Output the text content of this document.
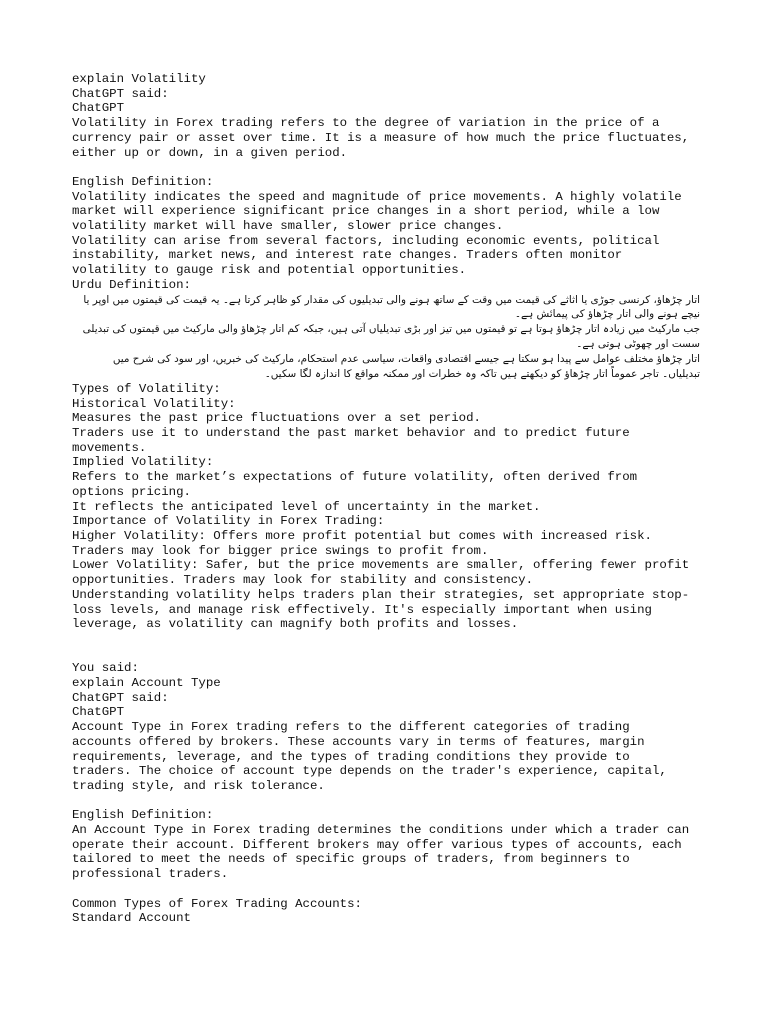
explain Volatility
ChatGPT said:
ChatGPT
Volatility in Forex trading refers to the degree of variation in the price of a
currency pair or asset over time. It is a measure of how much the price fluctuates,
either up or down, in a given period.
English Definition:
Volatility indicates the speed and magnitude of price movements. A highly volatile
market will experience significant price changes in a short period, while a low
volatility market will have smaller, slower price changes.
Volatility can arise from several factors, including economic events, political
instability, market news, and interest rate changes. Traders often monitor
volatility to gauge risk and potential opportunities.
Urdu Definition:
اتار چڑھاؤ، کرنسی جوڑی یا اثاثے کی قیمت میں وقت کے ساتھ ہونے والی تبدیلیوں کی مقدار کو ظاہر کرتا ہے۔ یہ قیمت کی قیمتوں میں اوپر یا نیچے ہونے والی اتار چڑھاؤ کی پیمائش ہے۔
جب مارکیٹ میں زیادہ اتار چڑھاؤ ہوتا ہے تو قیمتوں میں تیز اور بڑی تبدیلیاں آتی ہیں، جبکہ کم اتار چڑھاؤ والی مارکیٹ میں قیمتوں کی تبدیلی سست اور چھوٹی ہوتی ہے۔
اتار چڑھاؤ مختلف عوامل سے پیدا ہو سکتا ہے جیسے اقتصادی واقعات، سیاسی عدم استحکام، مارکیٹ کی خبریں، اور سود کی شرح میں تبدیلیاں۔ تاجر عموماً اتار چڑھاؤ کو دیکھتے ہیں تاکہ وہ خطرات اور ممکنہ مواقع کا اندازہ لگا سکیں۔
Types of Volatility:
Historical Volatility:
Measures the past price fluctuations over a set period.
Traders use it to understand the past market behavior and to predict future
movements.
Implied Volatility:
Refers to the market’s expectations of future volatility, often derived from
options pricing.
It reflects the anticipated level of uncertainty in the market.
Importance of Volatility in Forex Trading:
Higher Volatility: Offers more profit potential but comes with increased risk.
Traders may look for bigger price swings to profit from.
Lower Volatility: Safer, but the price movements are smaller, offering fewer profit
opportunities. Traders may look for stability and consistency.
Understanding volatility helps traders plan their strategies, set appropriate stop-
loss levels, and manage risk effectively. It's especially important when using
leverage, as volatility can magnify both profits and losses.
You said:
explain Account Type
ChatGPT said:
ChatGPT
Account Type in Forex trading refers to the different categories of trading
accounts offered by brokers. These accounts vary in terms of features, margin
requirements, leverage, and the types of trading conditions they provide to
traders. The choice of account type depends on the trader's experience, capital,
trading style, and risk tolerance.
English Definition:
An Account Type in Forex trading determines the conditions under which a trader can
operate their account. Different brokers may offer various types of accounts, each
tailored to meet the needs of specific groups of traders, from beginners to
professional traders.
Common Types of Forex Trading Accounts:
Standard Account
